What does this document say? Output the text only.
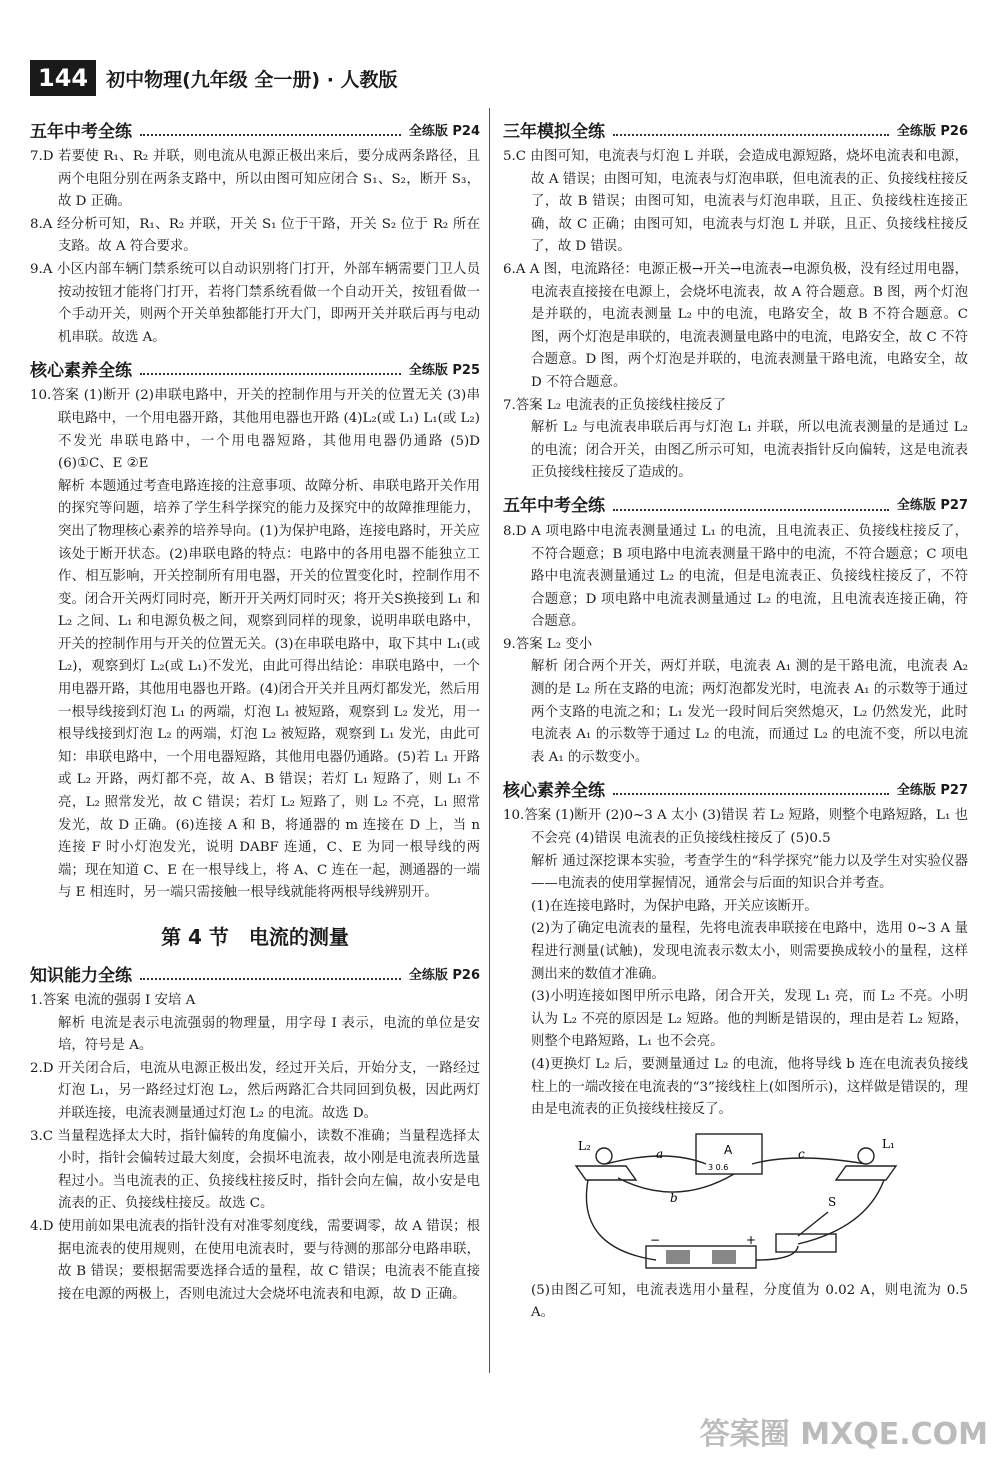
144 初中物理(九年级 全一册) · 人教版
五年中考全练	全练版 P24

7.D 若要使 R₁、R₂ 并联，则电流从电源正极出来后，要分成两条路径，且两个电阻分别在两条支路中，所以由图可知应闭合 S₁、S₂，断开 S₃，故 D 正确。

8.A 经分析可知，R₁、R₂ 并联，开关 S₁ 位于干路，开关 S₂ 位于 R₂ 所在支路。故 A 符合要求。

9.A 小区内部车辆门禁系统可以自动识别将门打开，外部车辆需要门卫人员按动按钮才能将门打开，若将门禁系统看做一个自动开关，按钮看做一个手动开关，则两个开关单独都能打开大门，即两开关并联后再与电动机串联。故选 A。

核心素养全练	全练版 P25

10.答案 (1)断开 (2)串联电路中，开关的控制作用与开关的位置无关 (3)串联电路中，一个用电器开路，其他用电器也开路 (4)L₂(或 L₁) L₁(或 L₂)不发光 串联电路中，一个用电器短路，其他用电器仍通路 (5)D (6)①C、E ②E

解析 本题通过考查电路连接的注意事项、故障分析、串联电路开关作用的探究等问题，培养了学生科学探究的能力及探究中的故障推理能力，突出了物理核心素养的培养导向。(1)为保护电路，连接电路时，开关应该处于断开状态。(2)串联电路的特点：电路中的各用电器不能独立工作、相互影响，开关控制所有用电器，开关的位置变化时，控制作用不变。闭合开关两灯同时亮，断开开关两灯同时灭；将开关S换接到 L₁ 和 L₂ 之间、L₁ 和电源负极之间，观察到同样的现象，说明串联电路中，开关的控制作用与开关的位置无关。(3)在串联电路中，取下其中 L₁(或 L₂)，观察到灯 L₂(或 L₁)不发光，由此可得出结论：串联电路中，一个用电器开路，其他用电器也开路。(4)闭合开关并且两灯都发光，然后用一根导线接到灯泡 L₁ 的两端，灯泡 L₁ 被短路，观察到 L₂ 发光，用一根导线接到灯泡 L₂ 的两端，灯泡 L₂ 被短路，观察到 L₁ 发光，由此可知：串联电路中，一个用电器短路，其他用电器仍通路。(5)若 L₁ 开路或 L₂ 开路，两灯都不亮，故 A、B 错误；若灯 L₁ 短路了，则 L₁ 不亮，L₂ 照常发光，故 C 错误；若灯 L₂ 短路了，则 L₂ 不亮，L₁ 照常发光，故 D 正确。(6)连接 A 和 B，将通器的 m 连接在 D 上，当 n 连接 F 时小灯泡发光，说明 DABF 连通，C、E 为同一根导线的两端；现在知道 C、E 在一根导线上，将 A、C 连在一起，测通器的一端与 E 相连时，另一端只需接触一根导线就能将两根导线辨别开。

第 4 节　电流的测量
知识能力全练	全练版 P26

1.答案 电流的强弱 I 安培 A

解析 电流是表示电流强弱的物理量，用字母 I 表示，电流的单位是安培，符号是 A。

2.D 开关闭合后，电流从电源正极出发，经过开关后，开始分支，一路经过灯泡 L₁，另一路经过灯泡 L₂，然后两路汇合共同回到负极，因此两灯并联连接，电流表测量通过灯泡 L₂ 的电流。故选 D。

3.C 当量程选择太大时，指针偏转的角度偏小，读数不准确；当量程选择太小时，指针会偏转过最大刻度，会损坏电流表，故小刚是电流表所选量程过小。当电流表的正、负接线柱接反时，指针会向左偏，故小安是电流表的正、负接线柱接反。故选 C。

4.D 使用前如果电流表的指针没有对准零刻度线，需要调零，故 A 错误；根据电流表的使用规则，在使用电流表时，要与待测的那部分电路串联，故 B 错误；要根据需要选择合适的量程，故 C 错误；电流表不能直接接在电源的两极上，否则电流过大会烧坏电流表和电源，故 D 正确。

三年模拟全练	全练版 P26

5.C 由图可知，电流表与灯泡 L 并联，会造成电源短路，烧坏电流表和电源，故 A 错误；由图可知，电流表与灯泡串联，但电流表的正、负接线柱接反了，故 B 错误；由图可知，电流表与灯泡串联，且正、负接线柱连接正确，故 C 正确；由图可知，电流表与灯泡 L 并联，且正、负接线柱接反了，故 D 错误。

6.A A 图，电流路径：电源正极→开关→电流表→电源负极，没有经过用电器，电流表直接接在电源上，会烧坏电流表，故 A 符合题意。B 图，两个灯泡是并联的，电流表测量 L₂ 中的电流，电路安全，故 B 不符合题意。C 图，两个灯泡是串联的，电流表测量电路中的电流，电路安全，故 C 不符合题意。D 图，两个灯泡是并联的，电流表测量干路电流，电路安全，故 D 不符合题意。

7.答案 L₂ 电流表的正负接线柱接反了

解析 L₂ 与电流表串联后再与灯泡 L₁ 并联，所以电流表测量的是通过 L₂ 的电流；闭合开关，由图乙所示可知，电流表指针反向偏转，这是电流表正负接线柱接反了造成的。

五年中考全练	全练版 P27

8.D A 项电路中电流表测量通过 L₁ 的电流，且电流表正、负接线柱接反了，不符合题意；B 项电路中电流表测量干路中的电流，不符合题意；C 项电路中电流表测量通过 L₂ 的电流，但是电流表正、负接线柱接反了，不符合题意；D 项电路中电流表测量通过 L₂ 的电流，且电流表连接正确，符合题意。

9.答案 L₂ 变小

解析 闭合两个开关，两灯并联，电流表 A₁ 测的是干路电流，电流表 A₂ 测的是 L₂ 所在支路的电流；两灯泡都发光时，电流表 A₁ 的示数等于通过两个支路的电流之和；L₁ 发光一段时间后突然熄灭，L₂ 仍然发光，此时电流表 A₁ 的示数等于通过 L₂ 的电流，而通过 L₂ 的电流不变，所以电流表 A₁ 的示数变小。

核心素养全练	全练版 P27

10.答案 (1)断开 (2)0~3 A 太小 (3)错误 若 L₂ 短路，则整个电路短路，L₁ 也不会亮 (4)错误 电流表的正负接线柱接反了 (5)0.5

解析 通过深挖课本实验，考查学生的“科学探究”能力以及学生对实验仪器——电流表的使用掌握情况，通常会与后面的知识合并考查。

(1)在连接电路时，为保护电路，开关应该断开。

(2)为了确定电流表的量程，先将电流表串联接在电路中，选用 0~3 A 量程进行测量(试触)，发现电流表示数太小，则需要换成较小的量程，这样测出来的数值才准确。

(3)小明连接如图甲所示电路，闭合开关，发现 L₁ 亮，而 L₂ 不亮。小明认为 L₂ 不亮的原因是 L₂ 短路。他的判断是错误的，理由是若 L₂ 短路，则整个电路短路，L₁ 也不会亮。

(4)更换灯 L₂ 后，要测量通过 L₂ 的电流，他将导线 b 连在电流表负接线柱上的一端改接在电流表的“3”接线柱上(如图所示)，这样做是错误的，理由是电流表的正负接线柱接反了。

L₂	L₁
a
b
c
S
A
3 0.6
−	+

(5)由图乙可知，电流表选用小量程，分度值为 0.02 A，则电流为 0.5 A。

答案圈 MXQE.COM
